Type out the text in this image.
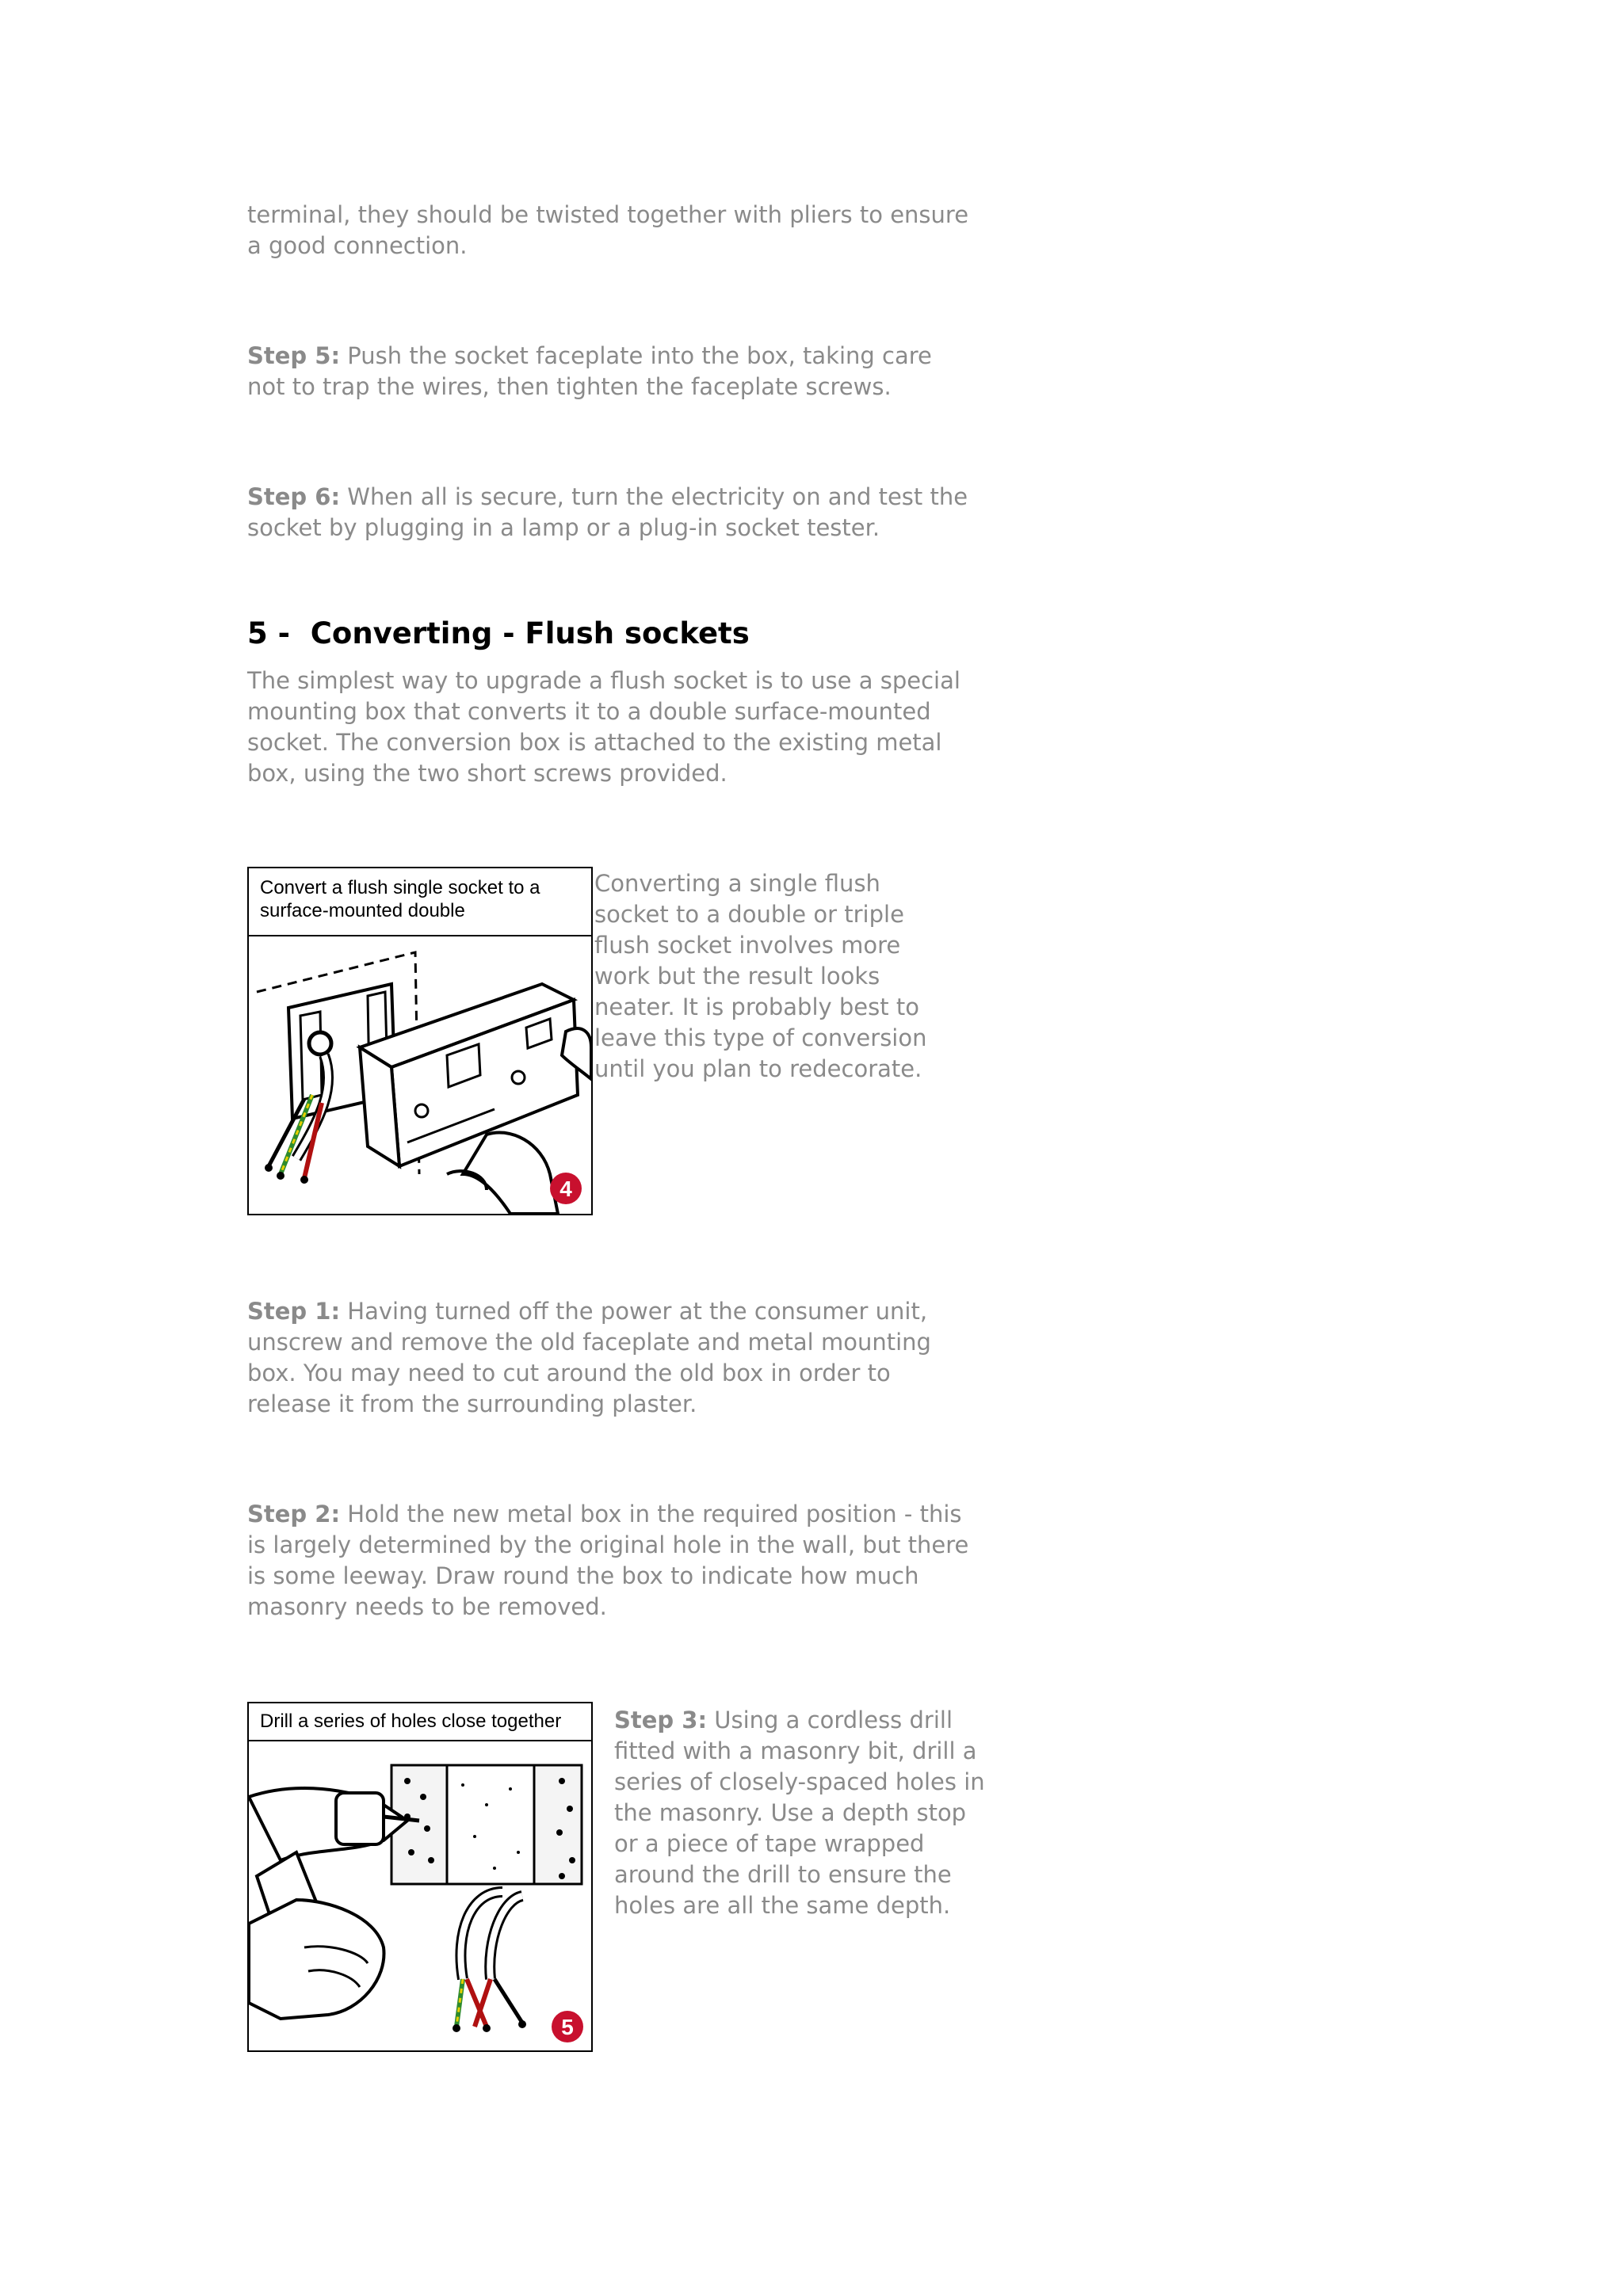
terminal, they should be twisted together with pliers to ensure a good connection.

Step 5: Push the socket faceplate into the box, taking care not to trap the wires, then tighten the faceplate screws.

Step 6: When all is secure, turn the electricity on and test the socket by plugging in a lamp or a plug-in socket tester.

5 -  Converting - Flush sockets

The simplest way to upgrade a flush socket is to use a special mounting box that converts it to a double surface-mounted socket. The conversion box is attached to the existing metal box, using the two short screws provided.

Convert a flush single socket to a surface-mounted double
4

Converting a single flush socket to a double or triple flush socket involves more work but the result looks neater. It is probably best to leave this type of conversion until you plan to redecorate.

Step 1: Having turned off the power at the consumer unit, unscrew and remove the old faceplate and metal mounting box. You may need to cut around the old box in order to release it from the surrounding plaster.

Step 2: Hold the new metal box in the required position - this is largely determined by the original hole in the wall, but there is some leeway. Draw round the box to indicate how much masonry needs to be removed.

Drill a series of holes close together
5

Step 3: Using a cordless drill fitted with a masonry bit, drill a series of closely-spaced holes in the masonry. Use a depth stop or a piece of tape wrapped around the drill to ensure the holes are all the same depth.
